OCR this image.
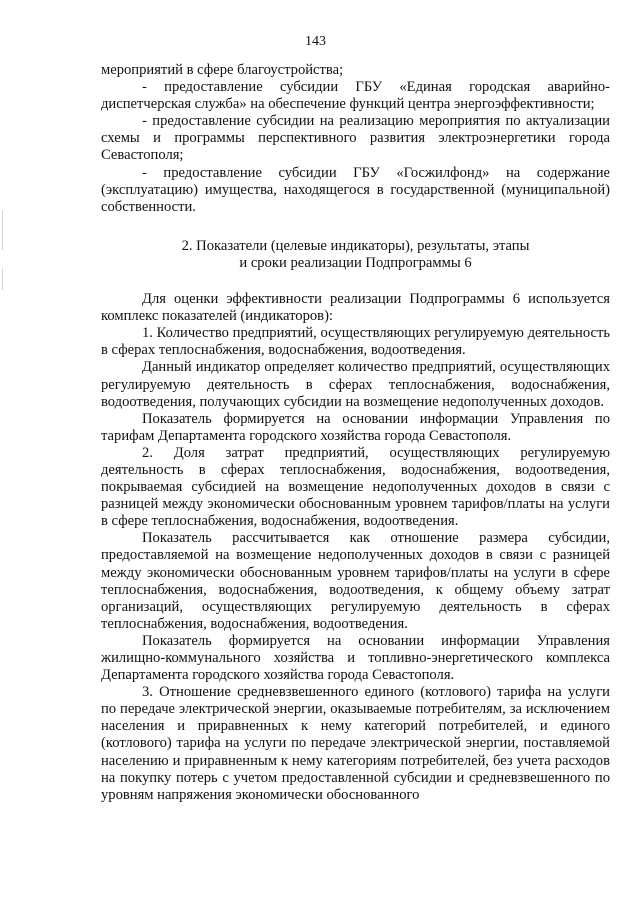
143

мероприятий в сфере благоустройства;

- предоставление субсидии ГБУ «Единая городская аварийно-диспетчерская служба» на обеспечение функций центра энергоэффективности;

- предоставление субсидии на реализацию мероприятия по актуализации схемы и программы перспективного развития электроэнергетики города Севастополя;

- предоставление субсидии ГБУ «Госжилфонд» на содержание (эксплуатацию) имущества, находящегося в государственной (муниципальной) собственности.

2. Показатели (целевые индикаторы), результаты, этапы

и сроки реализации Подпрограммы 6

Для оценки эффективности реализации Подпрограммы 6 используется комплекс показателей (индикаторов):

1. Количество предприятий, осуществляющих регулируемую деятельность в сферах теплоснабжения, водоснабжения, водоотведения.

Данный индикатор определяет количество предприятий, осуществляющих регулируемую деятельность в сферах теплоснабжения, водоснабжения, водоотведения, получающих субсидии на возмещение недополученных доходов.

Показатель формируется на основании информации Управления по тарифам Департамента городского хозяйства города Севастополя.

2. Доля затрат предприятий, осуществляющих регулируемую деятельность в сферах теплоснабжения, водоснабжения, водоотведения, покрываемая субсидией на возмещение недополученных доходов в связи с разницей между экономически обоснованным уровнем тарифов/платы на услуги в сфере теплоснабжения, водоснабжения, водоотведения.

Показатель рассчитывается как отношение размера субсидии, предоставляемой на возмещение недополученных доходов в связи с разницей между экономически обоснованным уровнем тарифов/платы на услуги в сфере теплоснабжения, водоснабжения, водоотведения, к общему объему затрат организаций, осуществляющих регулируемую деятельность в сферах теплоснабжения, водоснабжения, водоотведения.

Показатель формируется на основании информации Управления жилищно-коммунального хозяйства и топливно-энергетического комплекса Департамента городского хозяйства города Севастополя.

3. Отношение средневзвешенного единого (котлового) тарифа на услуги по передаче электрической энергии, оказываемые потребителям, за исключением населения и приравненных к нему категорий потребителей, и единого (котлового) тарифа на услуги по передаче электрической энергии, поставляемой населению и приравненным к нему категориям потребителей, без учета расходов на покупку потерь с учетом предоставленной субсидии и средневзвешенного по уровням напряжения экономически обоснованного
